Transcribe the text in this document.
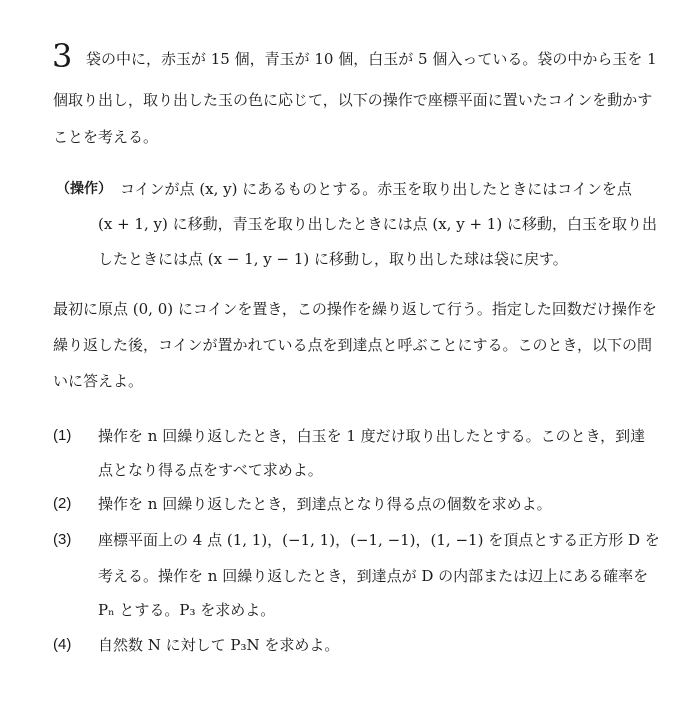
3 袋の中に，赤玉が 15 個，青玉が 10 個，白玉が 5 個入っている。袋の中から玉を 1
個取り出し，取り出した玉の色に応じて，以下の操作で座標平面に置いたコインを動かす
ことを考える。
（操作） コインが点 (x, y) にあるものとする。赤玉を取り出したときにはコインを点
(x + 1, y) に移動，青玉を取り出したときには点 (x, y + 1) に移動，白玉を取り出
したときには点 (x − 1, y − 1) に移動し，取り出した球は袋に戻す。
最初に原点 (0, 0) にコインを置き，この操作を繰り返して行う。指定した回数だけ操作を
繰り返した後，コインが置かれている点を到達点と呼ぶことにする。このとき，以下の問
いに答えよ。
(1) 操作を n 回繰り返したとき，白玉を 1 度だけ取り出したとする。このとき，到達
点となり得る点をすべて求めよ。
(2) 操作を n 回繰り返したとき，到達点となり得る点の個数を求めよ。
(3) 座標平面上の 4 点 (1, 1)，(−1, 1)，(−1, −1)，(1, −1) を頂点とする正方形 D を
考える。操作を n 回繰り返したとき，到達点が D の内部または辺上にある確率を
Pₙ とする。P₃ を求めよ。
(4) 自然数 N に対して P₃N を求めよ。
